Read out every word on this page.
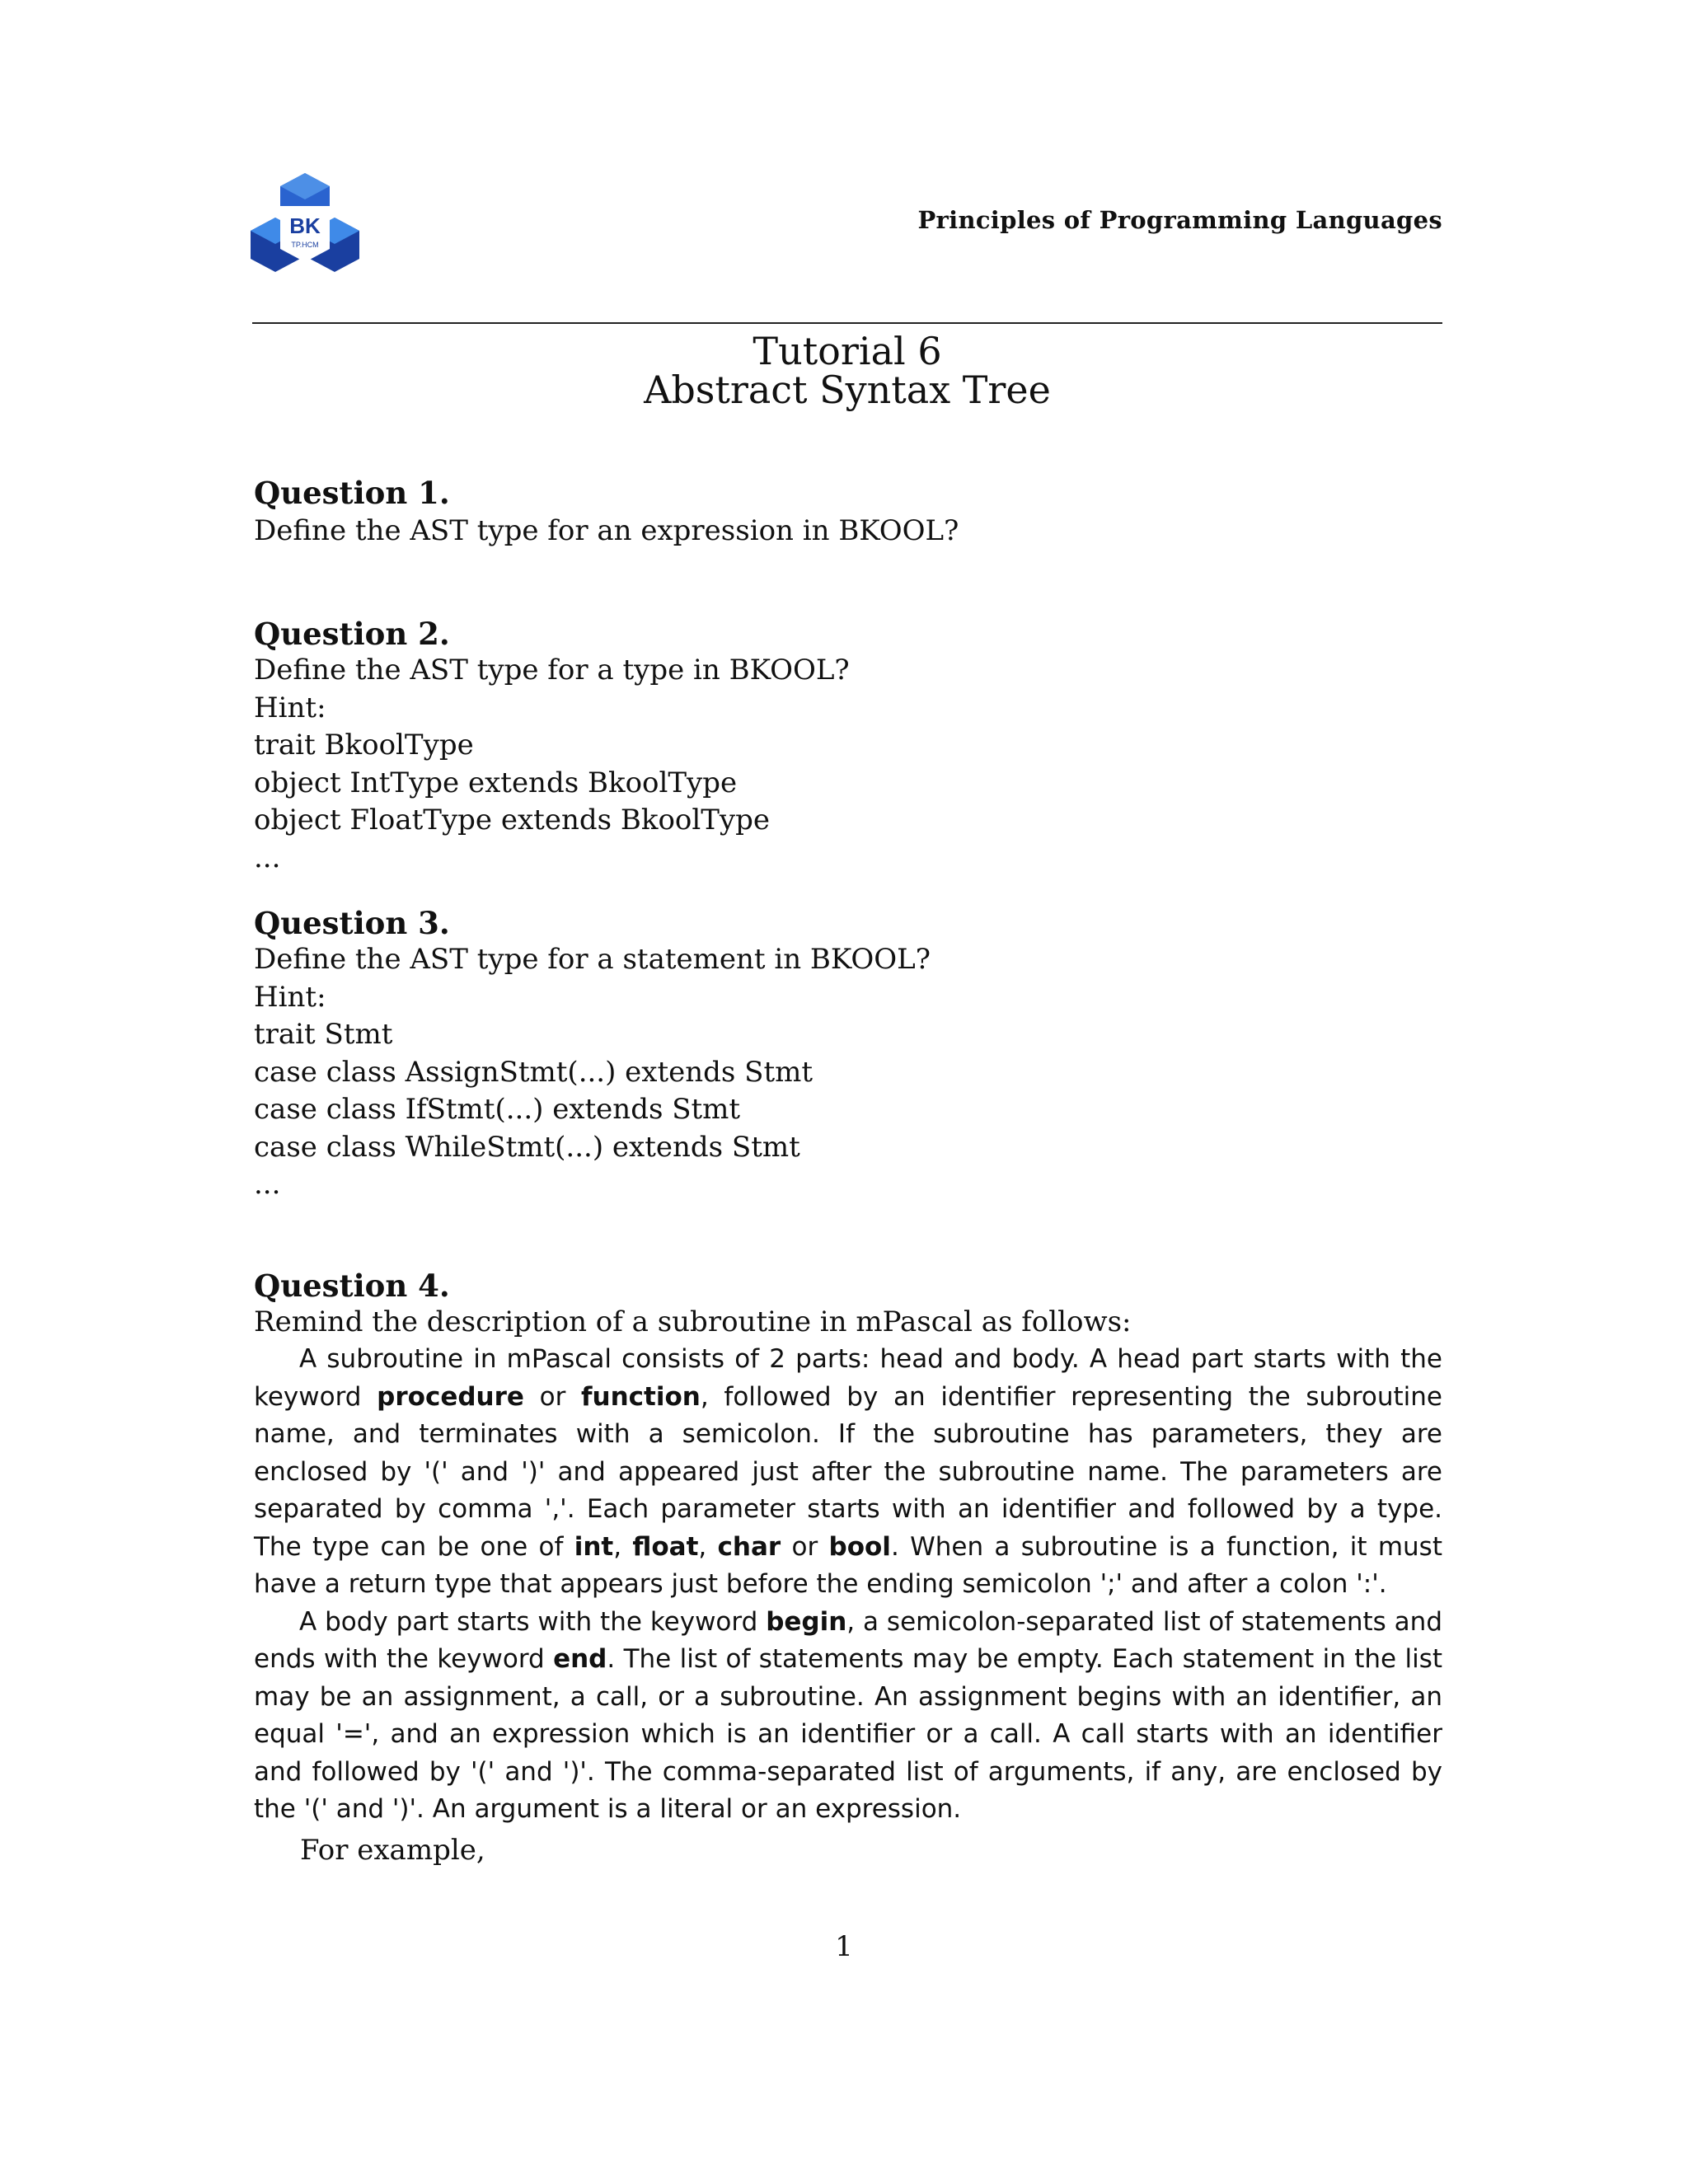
BK
TP.HCM
Principles of Programming Languages
Tutorial 6
Abstract Syntax Tree
Question 1.
Define the AST type for an expression in BKOOL?
Question 2.
Define the AST type for a type in BKOOL?
Hint:
trait BkoolType
object IntType extends BkoolType
object FloatType extends BkoolType
...
Question 3.
Define the AST type for a statement in BKOOL?
Hint:
trait Stmt
case class AssignStmt(...) extends Stmt
case class IfStmt(...) extends Stmt
case class WhileStmt(...) extends Stmt
...
Question 4.
Remind the description of a subroutine in mPascal as follows:

A subroutine in mPascal consists of 2 parts: head and body. A head part starts with the keyword procedure or function, followed by an identifier representing the subroutine name, and terminates with a semicolon. If the subroutine has parameters, they are enclosed by '(' and ')' and appeared just after the subroutine name. The parameters are separated by comma ','. Each parameter starts with an identifier and followed by a type. The type can be one of int, float, char or bool. When a subroutine is a function, it must have a return type that appears just before the ending semicolon ';' and after a colon ':'.

A body part starts with the keyword begin, a semicolon-separated list of statements and ends with the keyword end. The list of statements may be empty. Each statement in the list may be an assignment, a call, or a subroutine. An assignment begins with an identifier, an equal '=', and an expression which is an identifier or a call. A call starts with an identifier and followed by '(' and ')'. The comma-separated list of arguments, if any, are enclosed by the '(' and ')'. An argument is a literal or an expression.

For example,
1
